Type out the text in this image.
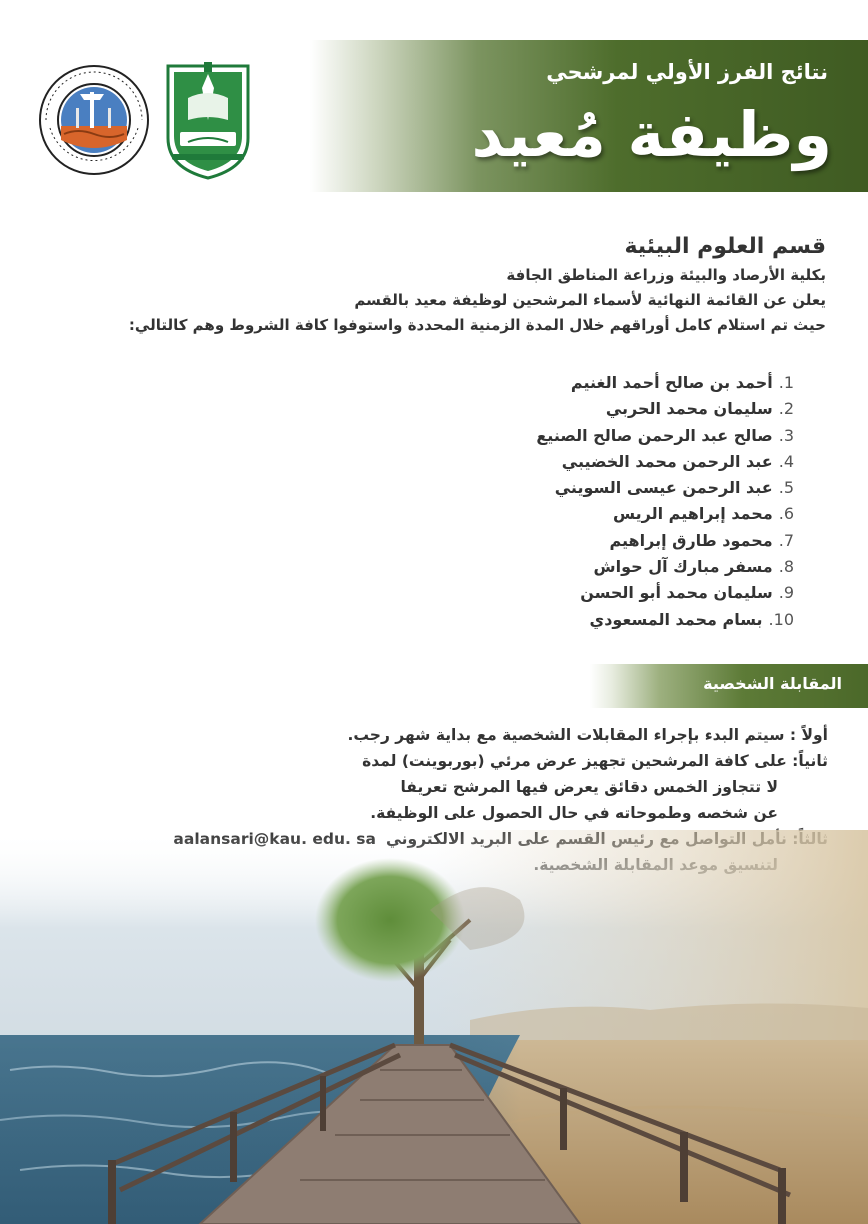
نتائج الفرز الأولي لمرشحي
وظيفة مُعيد
قسم العلوم البيئية
بكلية الأرصاد والبيئة وزراعة المناطق الجافة
يعلن عن القائمة النهائية لأسماء المرشحين لوظيفة معيد بالقسم
حيث تم استلام كامل أوراقهم خلال المدة الزمنية المحددة واستوفوا كافة الشروط وهم كالتالي:
1.أحمد بن صالح أحمد الغنيم
2.سليمان محمد الحربي
3.صالح عبد الرحمن صالح الصنيع
4.عبد الرحمن محمد الخضيبي
5.عبد الرحمن عيسى السويني
6.محمد إبراهيم الريس
7.محمود طارق إبراهيم
8.مسفر مبارك آل حواش
9.سليمان محمد أبو الحسن
10.بسام محمد المسعودي
المقابلة الشخصية
أولاً : سيتم البدء بإجراء المقابلات الشخصية مع بداية شهر رجب.
ثانياً: على كافة المرشحين تجهيز عرض مرئي (بوربوينت) لمدة
لا تتجاوز الخمس دقائق يعرض فيها المرشح تعريفا
عن شخصه وطموحاته في حال الحصول على الوظيفة.
